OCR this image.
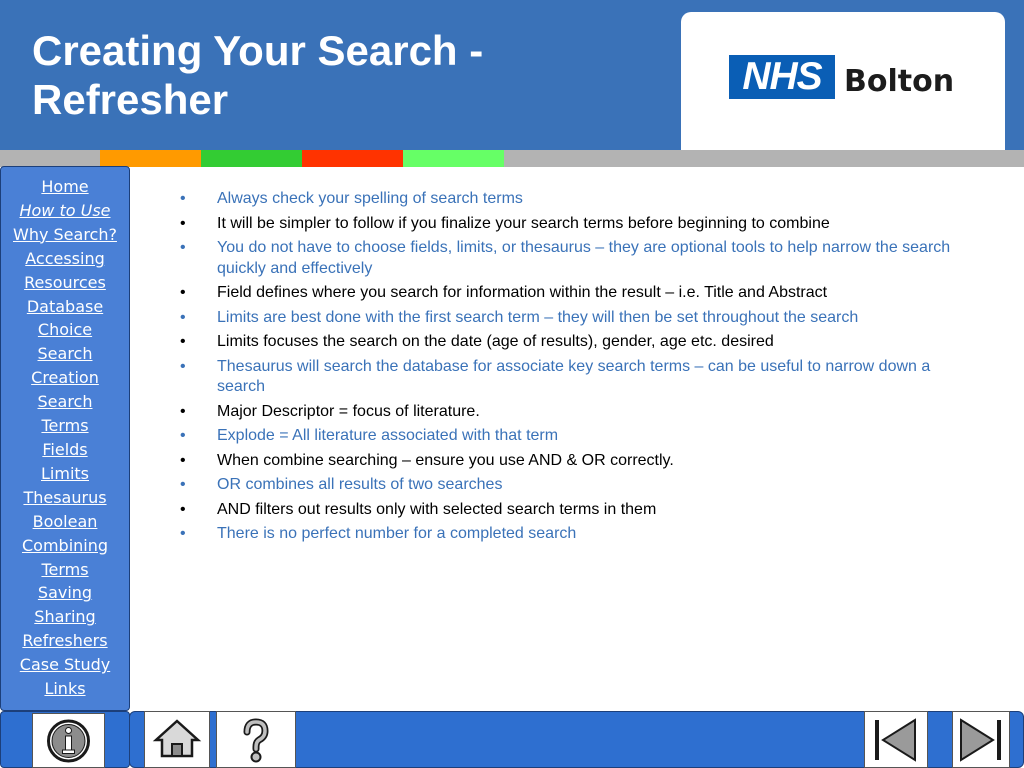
Creating Your Search - Refresher	NHS Bolton
Home
How to Use
Why Search?
Accessing
Resources
Database
Choice
Search
Creation
Search
Terms
Fields
Limits
Thesaurus
Boolean
Combining
Terms
Saving
Sharing
Refreshers
Case Study
Links
• Always check your spelling of search terms
• It will be simpler to follow if you finalize your search terms before beginning to combine
• You do not have to choose fields, limits, or thesaurus – they are optional tools to help narrow the search quickly and effectively
• Field defines where you search for information within the result – i.e. Title and Abstract
• Limits are best done with the first search term – they will then be set throughout the search
• Limits focuses the search on the date (age of results), gender, age etc. desired
• Thesaurus will search the database for associate key search terms – can be useful to narrow down a search
• Major Descriptor = focus of literature.
• Explode = All literature associated with that term
• When combine searching – ensure you use AND & OR correctly.
• OR combines all results of two searches
• AND filters out results only with selected search terms in them
• There is no perfect number for a completed search
